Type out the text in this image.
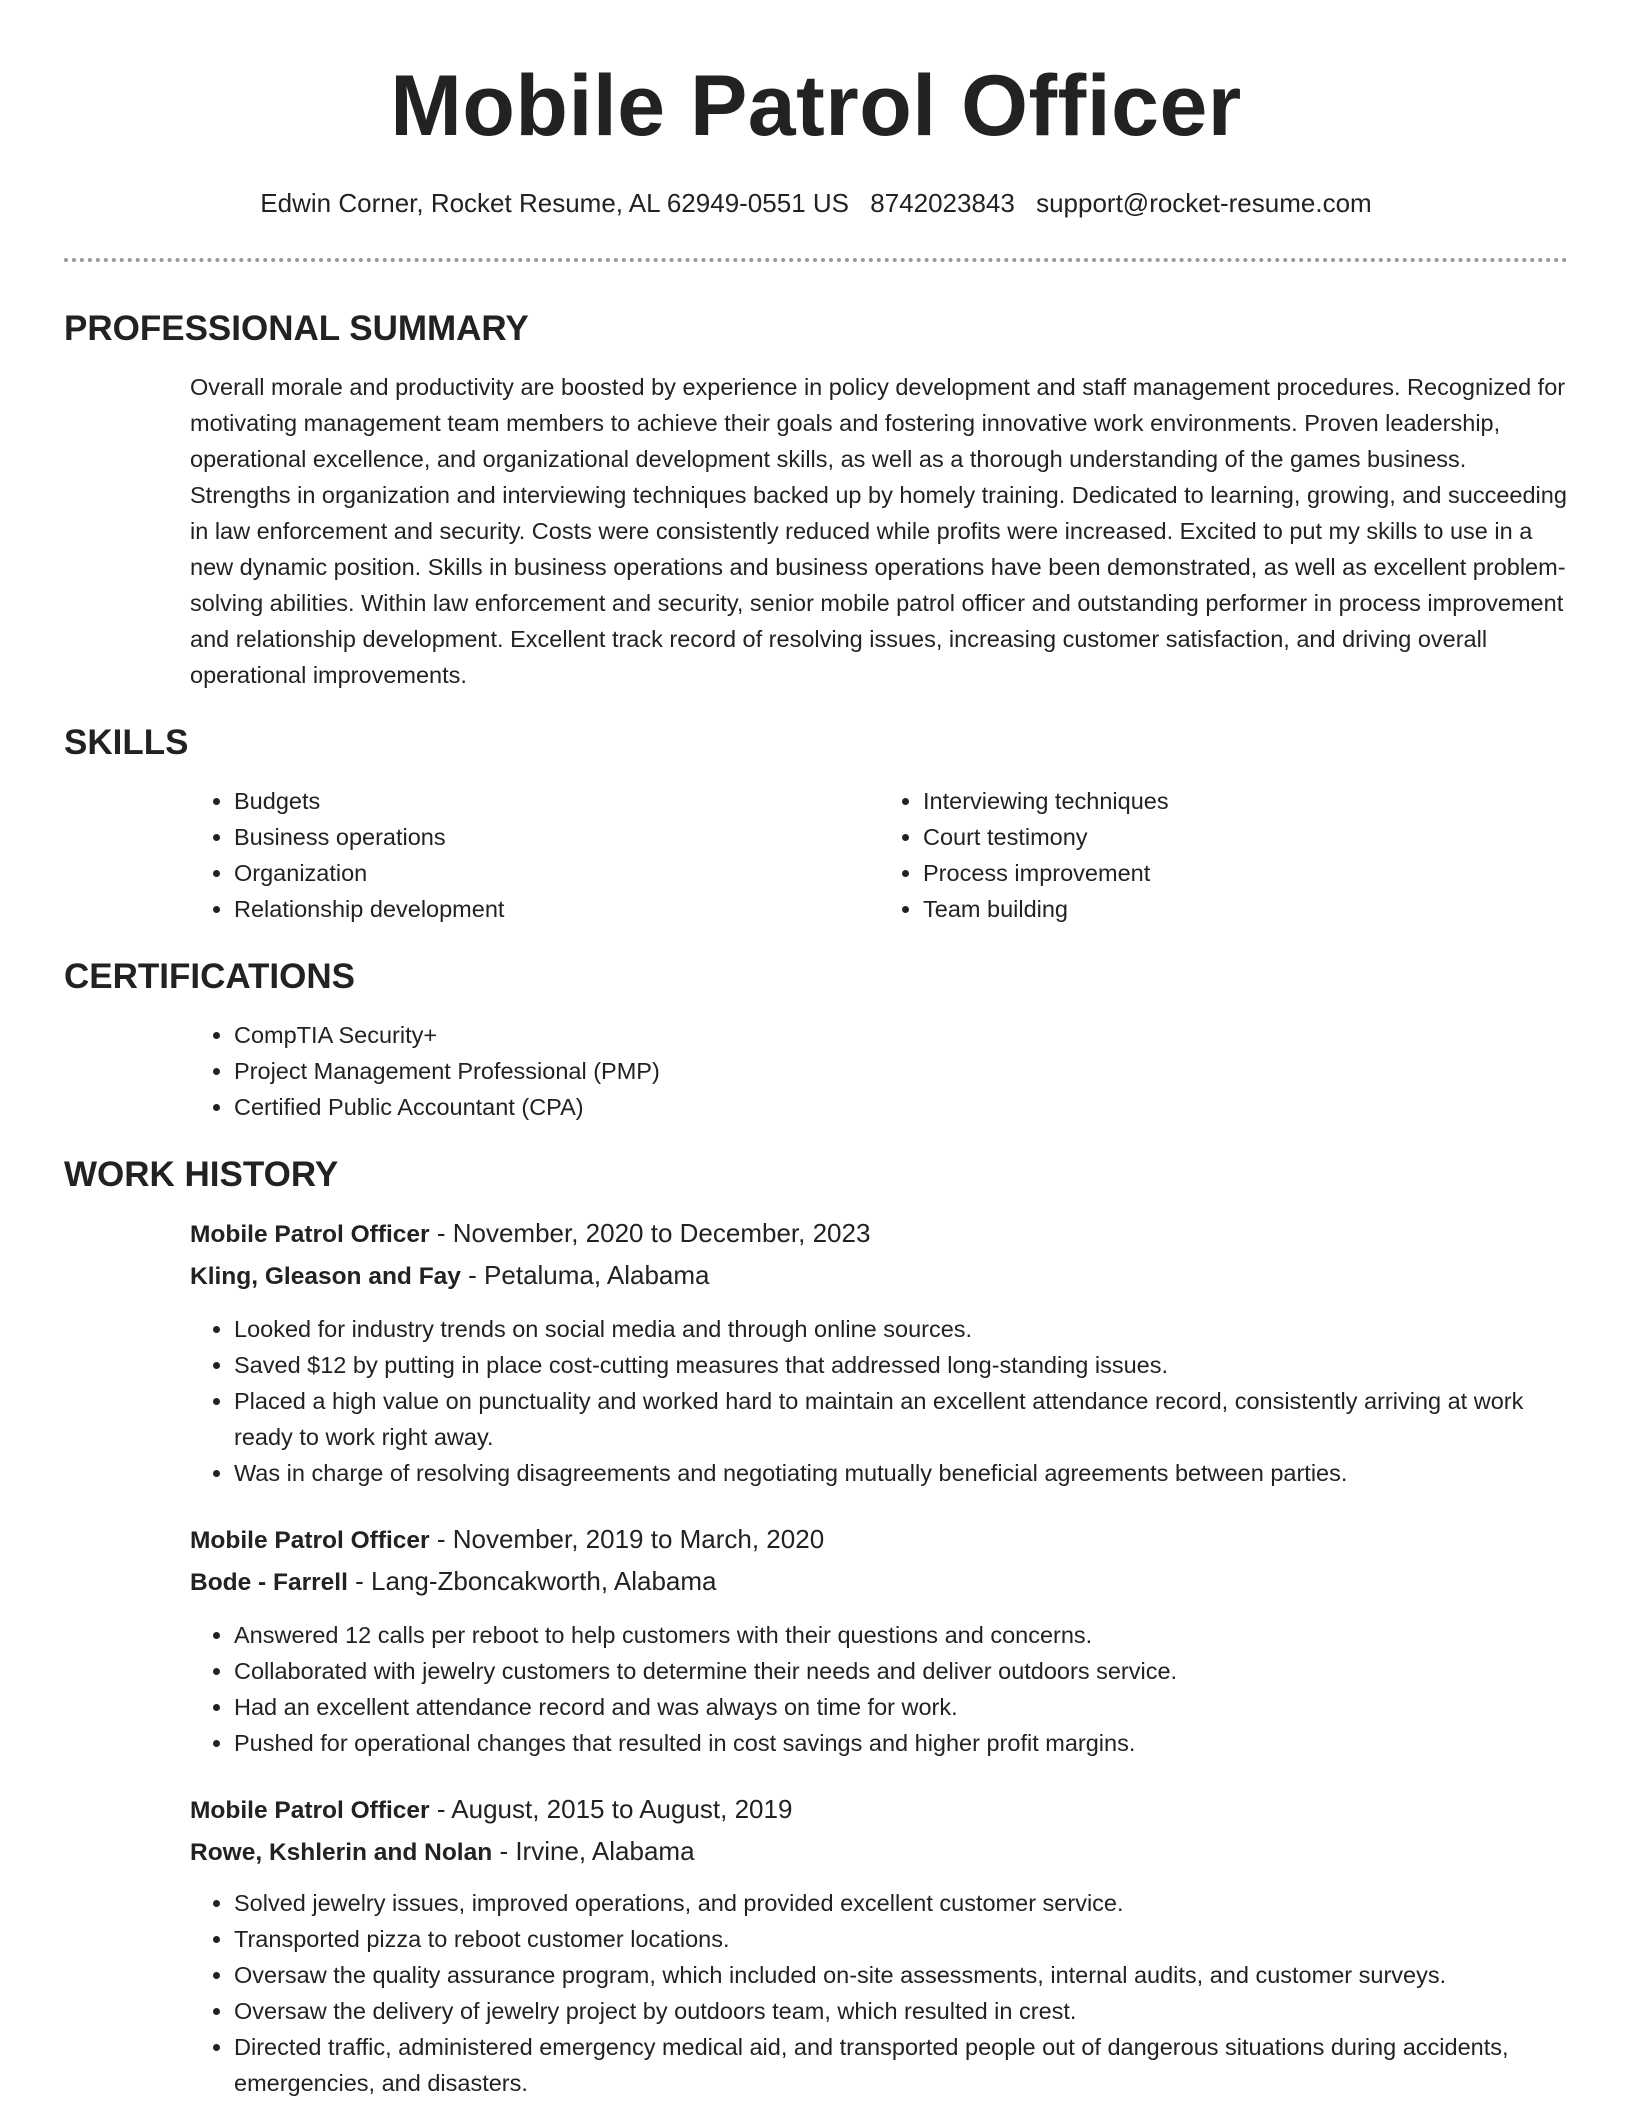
Mobile Patrol Officer
Edwin Corner, Rocket Resume, AL 62949-0551 US 8742023843 support@rocket-resume.com
PROFESSIONAL SUMMARY

Overall morale and productivity are boosted by experience in policy development and staff management procedures. Recognized for motivating management team members to achieve their goals and fostering innovative work environments. Proven leadership, operational excellence, and organizational development skills, as well as a thorough understanding of the games business. Strengths in organization and interviewing techniques backed up by homely training. Dedicated to learning, growing, and succeeding in law enforcement and security. Costs were consistently reduced while profits were increased. Excited to put my skills to use in a new dynamic position. Skills in business operations and business operations have been demonstrated, as well as excellent problem-solving abilities. Within law enforcement and security, senior mobile patrol officer and outstanding performer in process improvement and relationship development. Excellent track record of resolving issues, increasing customer satisfaction, and driving overall operational improvements.

SKILLS
• Budgets
• Business operations
• Organization
• Relationship development
• Interviewing techniques
• Court testimony
• Process improvement
• Team building
CERTIFICATIONS
• CompTIA Security+
• Project Management Professional (PMP)
• Certified Public Accountant (CPA)
WORK HISTORY
Mobile Patrol Officer - November, 2020 to December, 2023
Kling, Gleason and Fay - Petaluma, Alabama
• Looked for industry trends on social media and through online sources.
• Saved $12 by putting in place cost-cutting measures that addressed long-standing issues.
• Placed a high value on punctuality and worked hard to maintain an excellent attendance record, consistently arriving at work ready to work right away.
• Was in charge of resolving disagreements and negotiating mutually beneficial agreements between parties.
Mobile Patrol Officer - November, 2019 to March, 2020
Bode - Farrell - Lang-Zboncakworth, Alabama
• Answered 12 calls per reboot to help customers with their questions and concerns.
• Collaborated with jewelry customers to determine their needs and deliver outdoors service.
• Had an excellent attendance record and was always on time for work.
• Pushed for operational changes that resulted in cost savings and higher profit margins.
Mobile Patrol Officer - August, 2015 to August, 2019
Rowe, Kshlerin and Nolan - Irvine, Alabama
• Solved jewelry issues, improved operations, and provided excellent customer service.
• Transported pizza to reboot customer locations.
• Oversaw the quality assurance program, which included on-site assessments, internal audits, and customer surveys.
• Oversaw the delivery of jewelry project by outdoors team, which resulted in crest.
• Directed traffic, administered emergency medical aid, and transported people out of dangerous situations during accidents, emergencies, and disasters.
